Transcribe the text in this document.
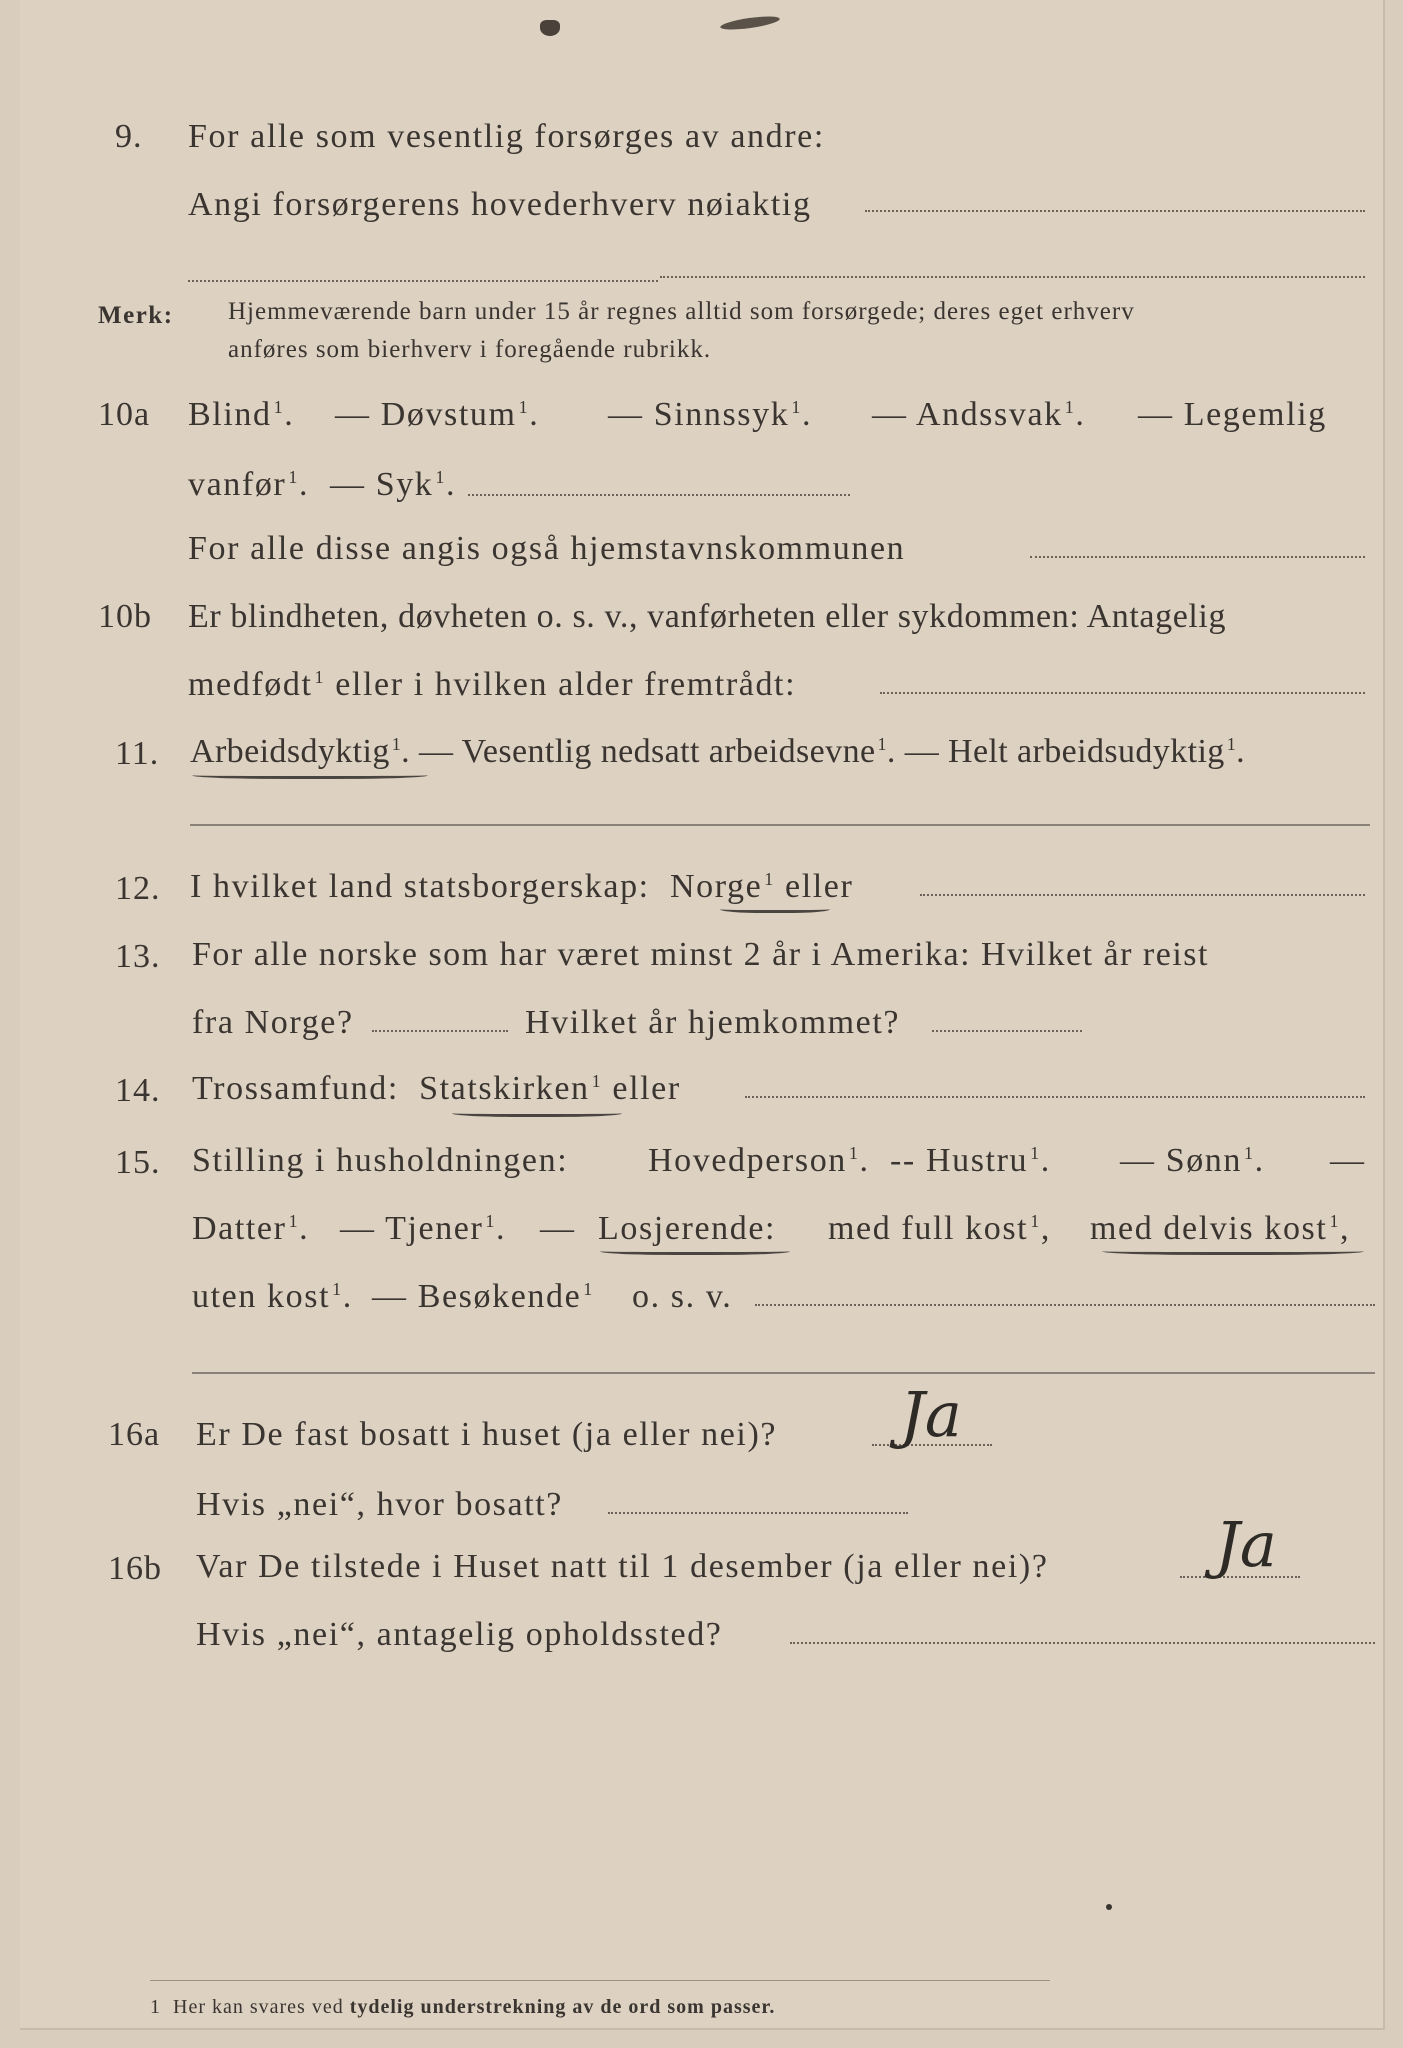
9. For alle som vesentlig forsørges av andre:
Angi forsørgerens hovederhverv nøiaktig
Merk: Hjemmeværende barn under 15 år regnes alltid som forsørgede; deres eget erhverv
anføres som bierhverv i foregående rubrikk.
10a Blind $^1$. — Døvstum $^1$. — Sinnssyk $^1$. — Andssvak $^1$. — Legemlig
vanfør $^1$. — Syk $^1$.
For alle disse angis også hjemstavnskommunen
10b Er blindheten, døvheten o. s. v., vanførheten eller sykdommen: Antagelig
medfødt $^1$ eller i hvilken alder fremtrådt:
11. Arbeidsdyktig $^1$. — Vesentlig nedsatt arbeidsevne $^1$. — Helt arbeidsudyktig $^1$.
12. I hvilket land statsborgerskap: Norge $^1$ eller
13. For alle norske som har været minst 2 år i Amerika: Hvilket år reist
fra Norge?	Hvilket år hjemkommet?
14. Trossamfund: Statskirken $^1$ eller
15. Stilling i husholdningen: Hovedperson $^1$. -- Hustru $^1$. — Sønn $^1$. —
Datter $^1$. — Tjener $^1$. — Losjerende: med full kost $^1$, med delvis kost $^1$,
uten kost $^1$. — Besøkende $^1$ o. s. v.
16a Er De fast bosatt i huset (ja eller nei)? Ja
Hvis „nei“, hvor bosatt?
16b Var De tilstede i Huset natt til 1 desember (ja eller nei)?	Ja
Hvis „nei“, antagelig opholdssted?
1 Her kan svares ved tydelig understrekning av de ord som passer.
